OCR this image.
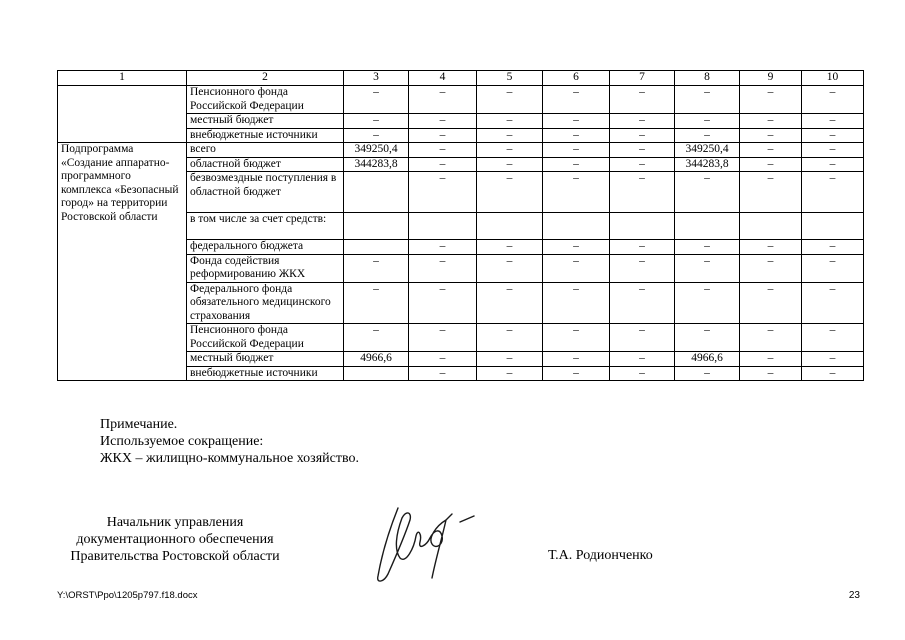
1	2	3	4	5	6	7	8	9	10
	Пенсионного фонда Российской Федерации	–	–	–	–	–	–	–	–
	местный бюджет	–	–	–	–	–	–	–	–
	внебюджетные источники	–	–	–	–	–	–	–	–
Подпрограмма «Создание аппаратно-программного комплекса «Безопасный город» на территории Ростовской области	всего	349250,4	–	–	–	–	349250,4	–	–
	областной бюджет	344283,8	–	–	–	–	344283,8	–	–
	безвозмездные поступления в областной бюджет		–	–	–	–	–	–	–
	в том числе за счет средств:								
	федерального бюджета		–	–	–	–	–	–	–
	Фонда содействия реформированию ЖКХ	–	–	–	–	–	–	–	–
	Федерального фонда обязательного медицинского страхования	–	–	–	–	–	–	–	–
	Пенсионного фонда Российской Федерации	–	–	–	–	–	–	–	–
	местный бюджет	4966,6	–	–	–	–	4966,6	–	–
	внебюджетные источники		–	–	–	–	–	–	–
Примечание.
Используемое сокращение:
ЖКХ – жилищно-коммунальное хозяйство.
Начальник управления
документационного обеспечения
Правительства Ростовской области	Т.А. Родионченко
Y:\ORST\Ppo\1205p797.f18.docx	23
